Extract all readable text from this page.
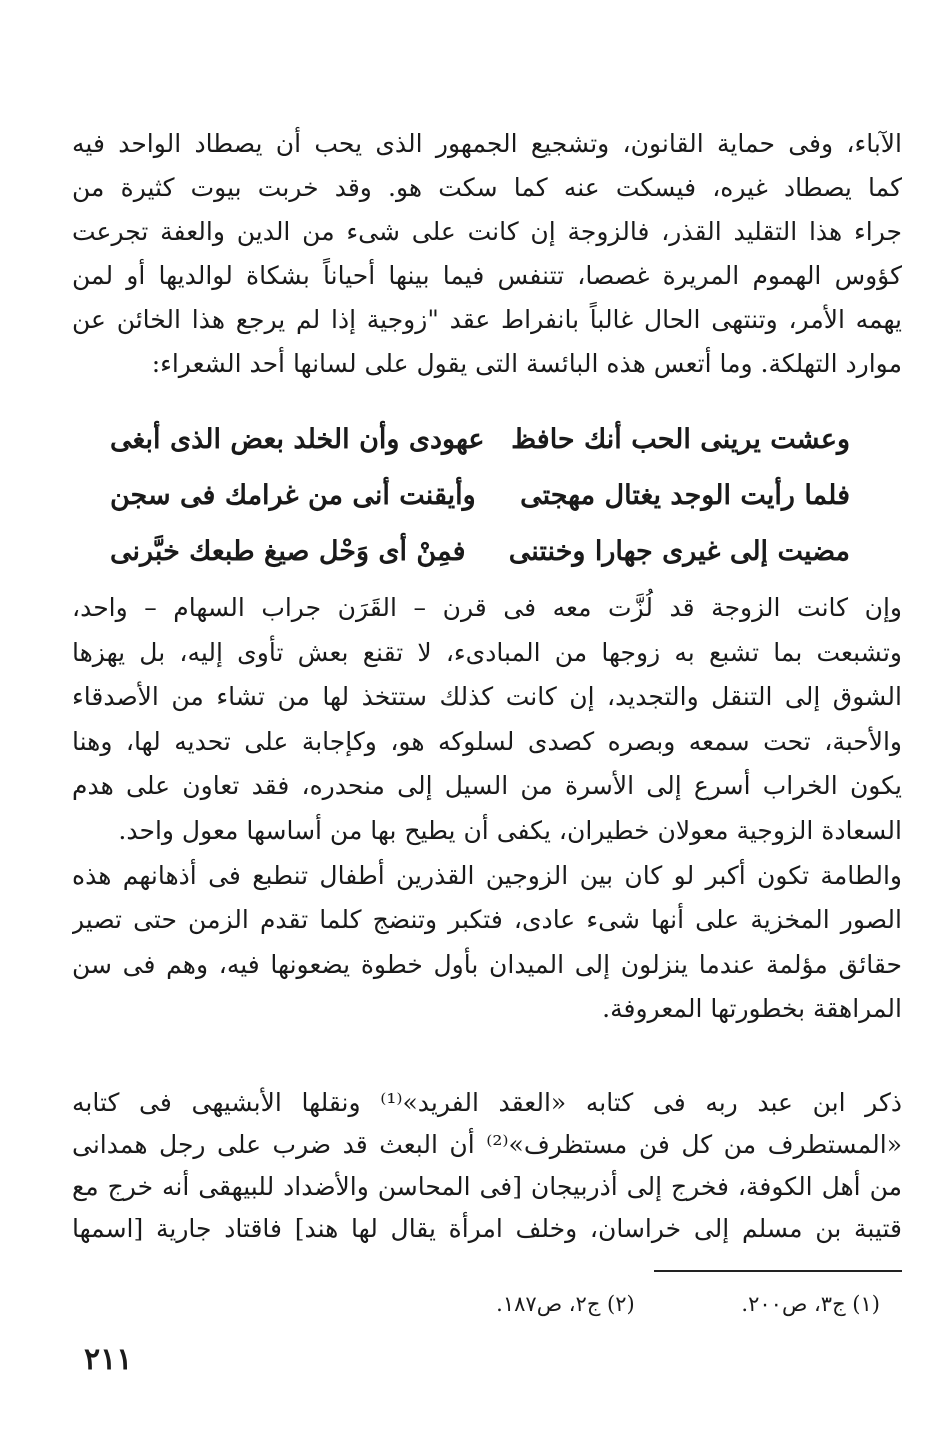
الآباء، وفى حماية القانون، وتشجيع الجمهور الذى يحب أن يصطاد الواحد فيه
كما يصطاد غيره، فيسكت عنه كما سكت هو. وقد خربت بيوت كثيرة من
جراء هذا التقليد القذر، فالزوجة إن كانت على شىء من الدين والعفة تجرعت
كؤوس الهموم المريرة غصصا، تتنفس فيما بينها أحياناً بشكاة لوالديها أو لمن
يهمه الأمر، وتنتهى الحال غالباً بانفراط عقد "زوجية إذا لم يرجع هذا الخائن عن
موارد التهلكة. وما أتعس هذه البائسة التى يقول على لسانها أحد الشعراء:
وعشت يرينى الحب أنك حافظ
عهودى وأن الخلد بعض الذى أبغى
فلما رأيت الوجد يغتال مهجتى
وأيقنت أنى من غرامك فى سجن
مضيت إلى غيرى جهارا وخنتنى
فمِنْ أى وَحْل صيغ طبعك خبَّرنى
وإن كانت الزوجة قد لُزَّت معه فى قرن – القَرَن جراب السهام – واحد،
وتشبعت بما تشبع به زوجها من المبادىء، لا تقنع بعش تأوى إليه، بل يهزها
الشوق إلى التنقل والتجديد، إن كانت كذلك ستتخذ لها من تشاء من الأصدقاء
والأحبة، تحت سمعه وبصره كصدى لسلوكه هو، وكإجابة على تحديه لها، وهنا
يكون الخراب أسرع إلى الأسرة من السيل إلى منحدره، فقد تعاون على هدم
السعادة الزوجية معولان خطيران، يكفى أن يطيح بها من أساسها معول واحد.
والطامة تكون أكبر لو كان بين الزوجين القذرين أطفال تنطبع فى أذهانهم هذه
الصور المخزية على أنها شىء عادى، فتكبر وتنضج كلما تقدم الزمن حتى تصير
حقائق مؤلمة عندما ينزلون إلى الميدان بأول خطوة يضعونها فيه، وهم فى سن
المراهقة بخطورتها المعروفة.
ذكر ابن عبد ربه فى كتابه «العقد الفريد»⁽¹⁾ ونقلها الأبشيهى فى كتابه
«المستطرف من كل فن مستظرف»⁽²⁾ أن البعث قد ضرب على رجل همدانى
من أهل الكوفة، فخرج إلى أذربيجان [فى المحاسن والأضداد للبيهقى أنه خرج مع
قتيبة بن مسلم إلى خراسان، وخلف امرأة يقال لها هند] فاقتاد جارية [اسمها
(١) ج٣، ص٢٠٠. (٢) ج٢، ص١٨٧.
٢١١
